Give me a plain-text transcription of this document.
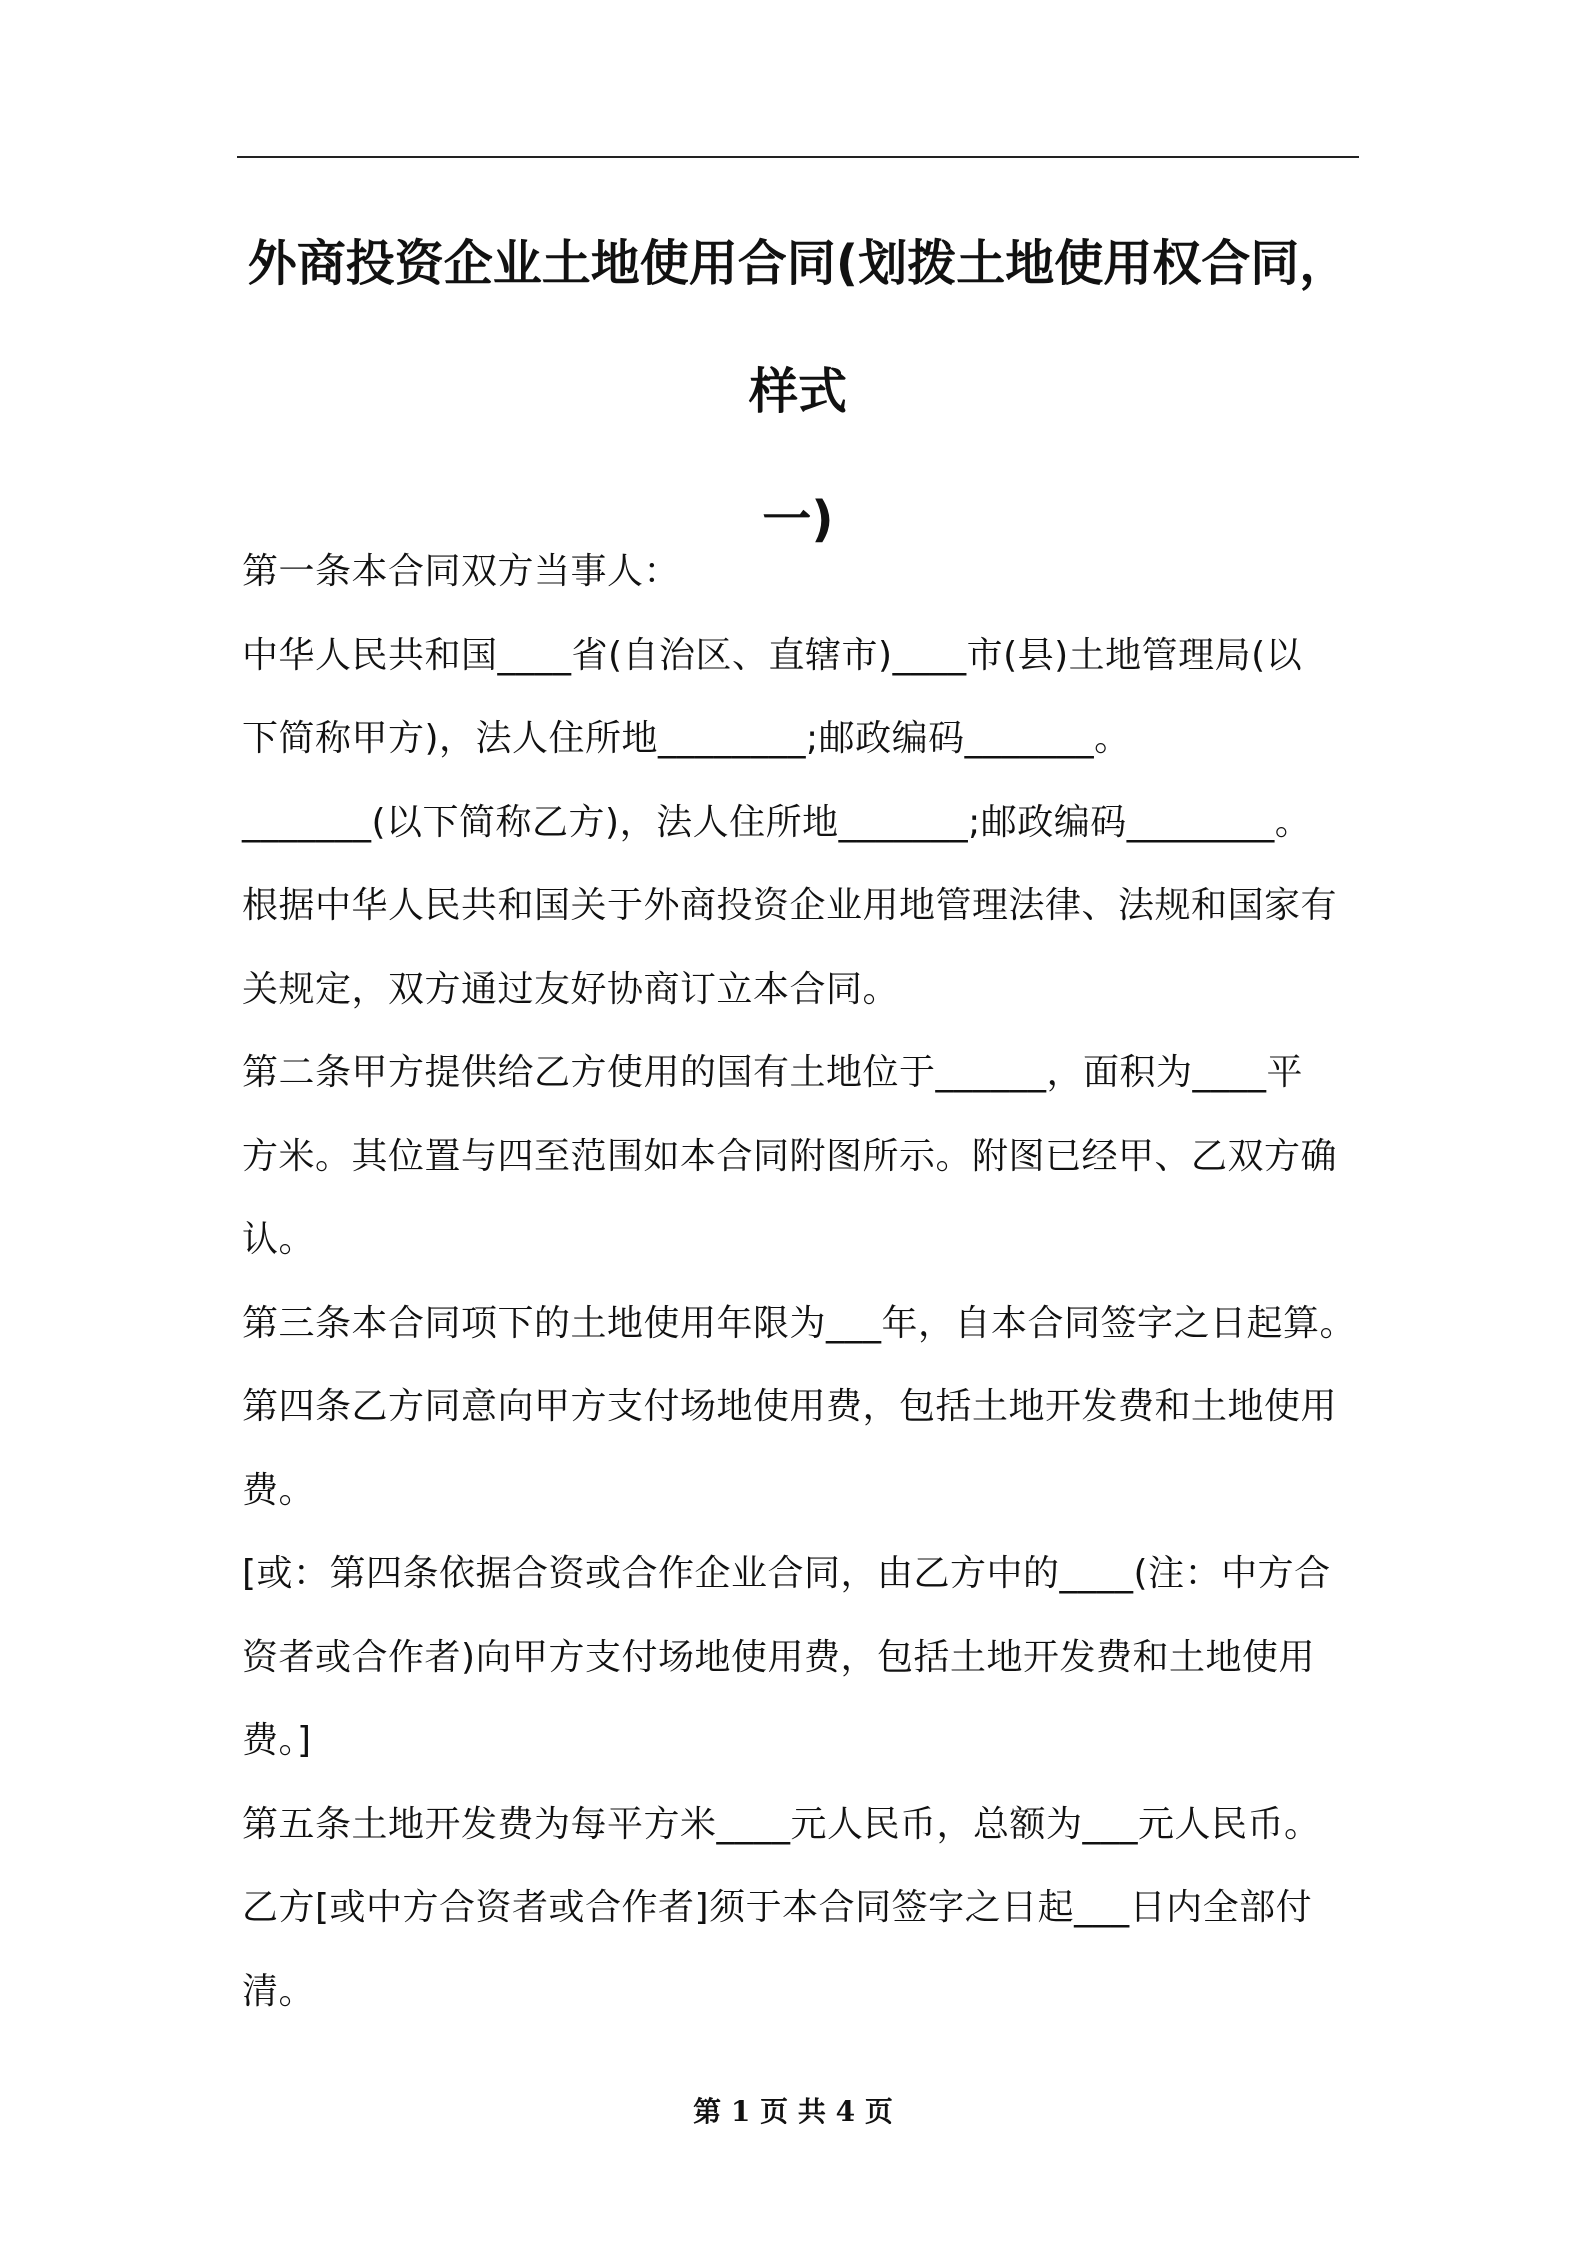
外商投资企业土地使用合同(划拨土地使用权合同，样式
一)

第一条本合同双方当事人：

中华人民共和国____省(自治区、直辖市)____市(县)土地管理局(以

下简称甲方)，法人住所地________;邮政编码_______。

_______(以下简称乙方)，法人住所地_______;邮政编码________。

根据中华人民共和国关于外商投资企业用地管理法律、法规和国家有

关规定，双方通过友好协商订立本合同。

第二条甲方提供给乙方使用的国有土地位于______，面积为____平

方米。其位置与四至范围如本合同附图所示。附图已经甲、乙双方确

认。

第三条本合同项下的土地使用年限为___年，自本合同签字之日起算。

第四条乙方同意向甲方支付场地使用费，包括土地开发费和土地使用

费。

[或：第四条依据合资或合作企业合同，由乙方中的____(注：中方合

资者或合作者)向甲方支付场地使用费，包括土地开发费和土地使用

费。]

第五条土地开发费为每平方米____元人民币，总额为___元人民币。

乙方[或中方合资者或合作者]须于本合同签字之日起___日内全部付

清。

第 1 页 共 4 页
